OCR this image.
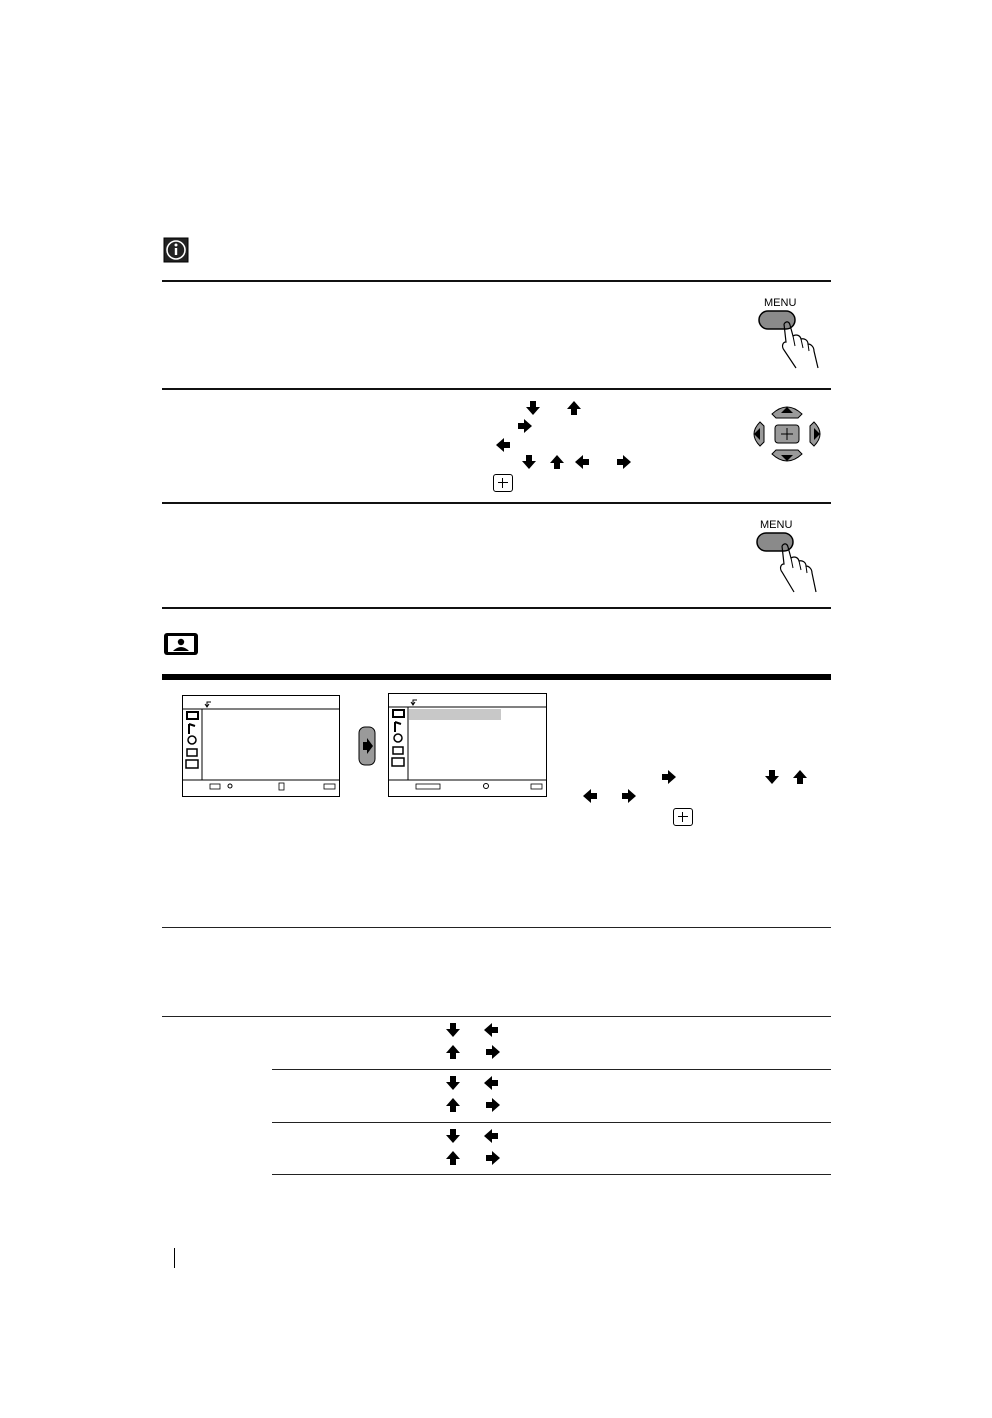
MENU
MENU
